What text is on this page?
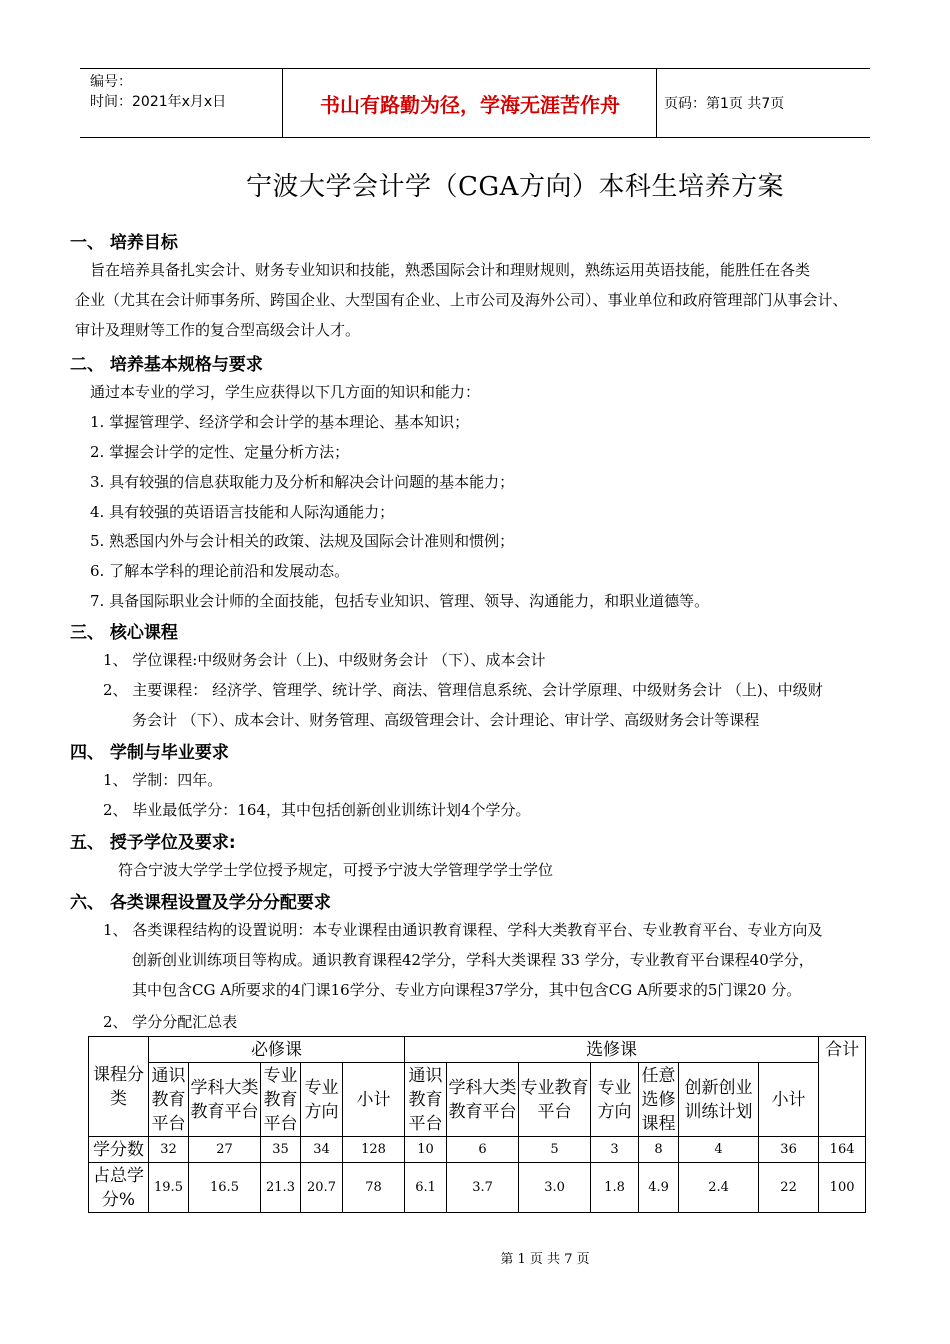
编号：
时间：2021年x月x日	书山有路勤为径，学海无涯苦作舟	页码：第1页 共7页
宁波大学会计学（CGA方向）本科生培养方案
一、 培养目标
旨在培养具备扎实会计、财务专业知识和技能，熟悉国际会计和理财规则，熟练运用英语技能，能胜任在各类
企业（尤其在会计师事务所、跨国企业、大型国有企业、上市公司及海外公司）、事业单位和政府管理部门从事会计、
审计及理财等工作的复合型高级会计人才。
二、 培养基本规格与要求
通过本专业的学习，学生应获得以下几方面的知识和能力：
1. 掌握管理学、经济学和会计学的基本理论、基本知识；
2. 掌握会计学的定性、定量分析方法；
3. 具有较强的信息获取能力及分析和解决会计问题的基本能力；
4. 具有较强的英语语言技能和人际沟通能力；
5. 熟悉国内外与会计相关的政策、法规及国际会计准则和惯例；
6. 了解本学科的理论前沿和发展动态。
7. 具备国际职业会计师的全面技能，包括专业知识、管理、领导、沟通能力，和职业道德等。
三、 核心课程
1、 学位课程:中级财务会计（上)、中级财务会计 （下）、成本会计
2、 主要课程： 经济学、管理学、统计学、商法、管理信息系统、会计学原理、中级财务会计 （上)、中级财
务会计 （下）、成本会计、财务管理、高级管理会计、会计理论、审计学、高级财务会计等课程
四、 学制与毕业要求
1、 学制：四年。
2、 毕业最低学分：164，其中包括创新创业训练计划4个学分。
五、 授予学位及要求:
符合宁波大学学士学位授予规定，可授予宁波大学管理学学士学位
六、 各类课程设置及学分分配要求
1、 各类课程结构的设置说明：本专业课程由通识教育课程、学科大类教育平台、专业教育平台、专业方向及
创新创业训练项目等构成。通识教育课程42学分，学科大类课程 33 学分，专业教育平台课程40学分，
其中包含CG A所要求的4门课16学分、专业方向课程37学分，其中包含CG A所要求的5门课20 分。
2、 学分分配汇总表
课程分类	必修课					选修课							合计
	通识教育平台	学科大类教育平台	专业教育平台	专业方向	小计	通识教育平台	学科大类教育平台	专业教育平台	专业方向	任意选修课程	创新创业训练计划	小计	
学分数	32	27	35	34	128	10	6	5	3	8	4	36	164
占总学分%	19.5	16.5	21.3	20.7	78	6.1	3.7	3.0	1.8	4.9	2.4	22	100
第 1 页 共 7 页
